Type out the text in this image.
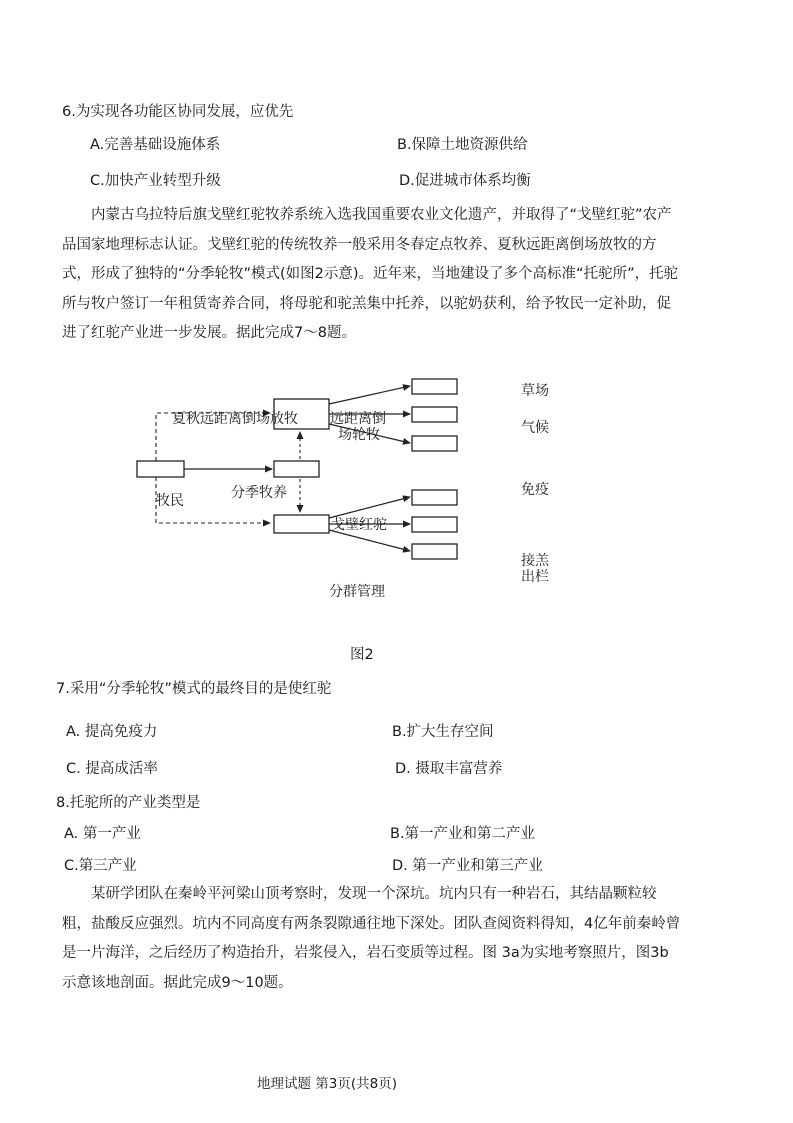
6.为实现各功能区协同发展，应优先
A.完善基础设施体系	B.保障土地资源供给
C.加快产业转型升级	D.促进城市体系均衡
内蒙古乌拉特后旗戈壁红驼牧养系统入选我国重要农业文化遗产，并取得了“戈壁红驼”农产品国家地理标志认证。戈壁红驼的传统牧养一般采用冬春定点牧养、夏秋远距离倒场放牧的方式，形成了独特的“分季轮牧”模式(如图2示意)。近年来，当地建设了多个高标准“托驼所”，托驼所与牧户签订一年租赁寄养合同，将母驼和驼羔集中托养，以驼奶获利，给予牧民一定补助，促进了红驼产业进一步发展。据此完成7～8题。
夏秋远距离倒场放牧 远距离倒
场轮牧
牧民	分季牧养
戈壁红驼
分群管理
草场
气候
免疫
接羔
出栏
图2
7.采用“分季轮牧”模式的最终目的是使红驼
A. 提高免疫力	B.扩大生存空间
C. 提高成活率	D. 摄取丰富营养
8.托驼所的产业类型是
A. 第一产业	B.第一产业和第二产业
C.第三产业	D. 第一产业和第三产业
某研学团队在秦岭平河梁山顶考察时，发现一个深坑。坑内只有一种岩石，其结晶颗粒较粗，盐酸反应强烈。坑内不同高度有两条裂隙通往地下深处。团队查阅资料得知，4亿年前秦岭曾是一片海洋，之后经历了构造抬升，岩浆侵入，岩石变质等过程。图 3a为实地考察照片，图3b 示意该地剖面。据此完成9～10题。
地理试题 第3页(共8页)
